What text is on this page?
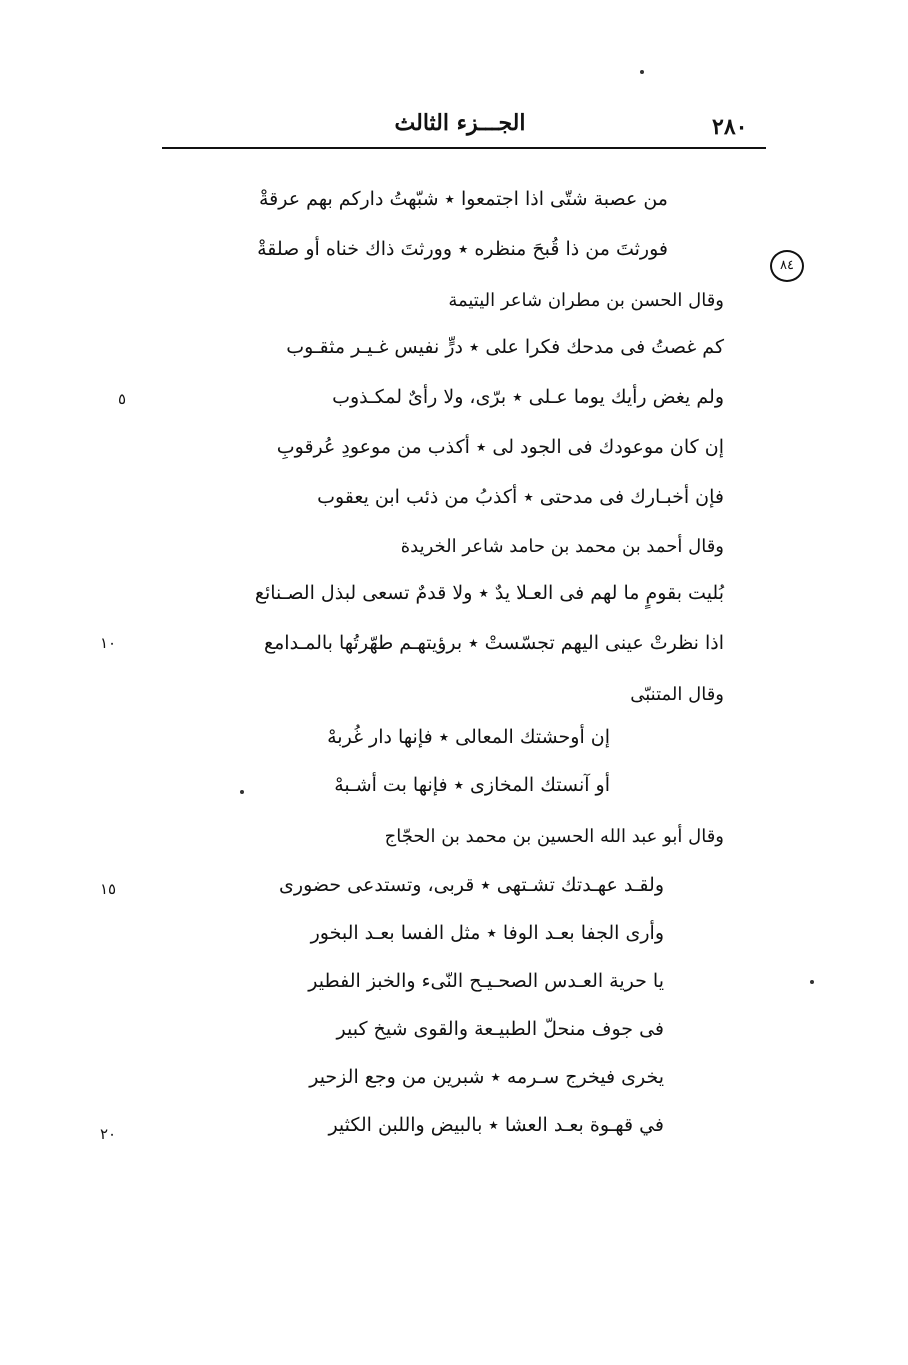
٢٨٠
الجـــزء الثالث
٨٤
٥
١٠
١٥
٢٠
من عصبة شتّى اذا اجتمعوا ٭ شبّهتُ داركم بهم عرقةْ
فورثتَ من ذا قُبحَ منظره ٭ وورثتَ ذاك خناه أو صلقةْ
وقال الحسن بن مطران شاعر اليتيمة
كم غصتُ فى مدحك فكرا على ٭ درٍّ نفيس غـيـر مثقـوب
ولم يغض رأيك يوما عـلى ٭ برّى، ولا رأىٌ لمكـذوب
إن كان موعودك فى الجود لى ٭ أكذب من موعودِ عُرقوبِ
فإن أخبـارك فى مدحتى ٭ أكذبُ من ذئب ابن يعقوب
وقال أحمد بن محمد بن حامد شاعر الخريدة
بُليت بقومٍ ما لهم فى العـلا يدٌ ٭ ولا قدمٌ تسعى لبذل الصـنائع
اذا نظرتْ عينى اليهم تجسّستْ ٭ برؤيتهـم طهّرتُها بالمـدامع
وقال المتنبّى
إن أوحشتك المعالى ٭ فإنها دار غُربهْ
أو آنستك المخازى ٭ فإنها بت أشـبهْ
وقال أبو عبد الله الحسين بن محمد بن الحجّاج
ولقـد عهـدتك تشـتهى ٭ قربى، وتستدعى حضورى
وأرى الجفا بعـد الوفا ٭ مثل الفسا بعـد البخور
يا حرية العـدس الصحـيـح النّىء والخبز الفطير
فى جوف منحلّ الطبيـعة والقوى شيخ كبير
يخرى فيخرج سـرمه ٭ شبرين من وجع الزحير
في قهـوة بعـد العشا ٭ بالبيض واللبن الكثير
